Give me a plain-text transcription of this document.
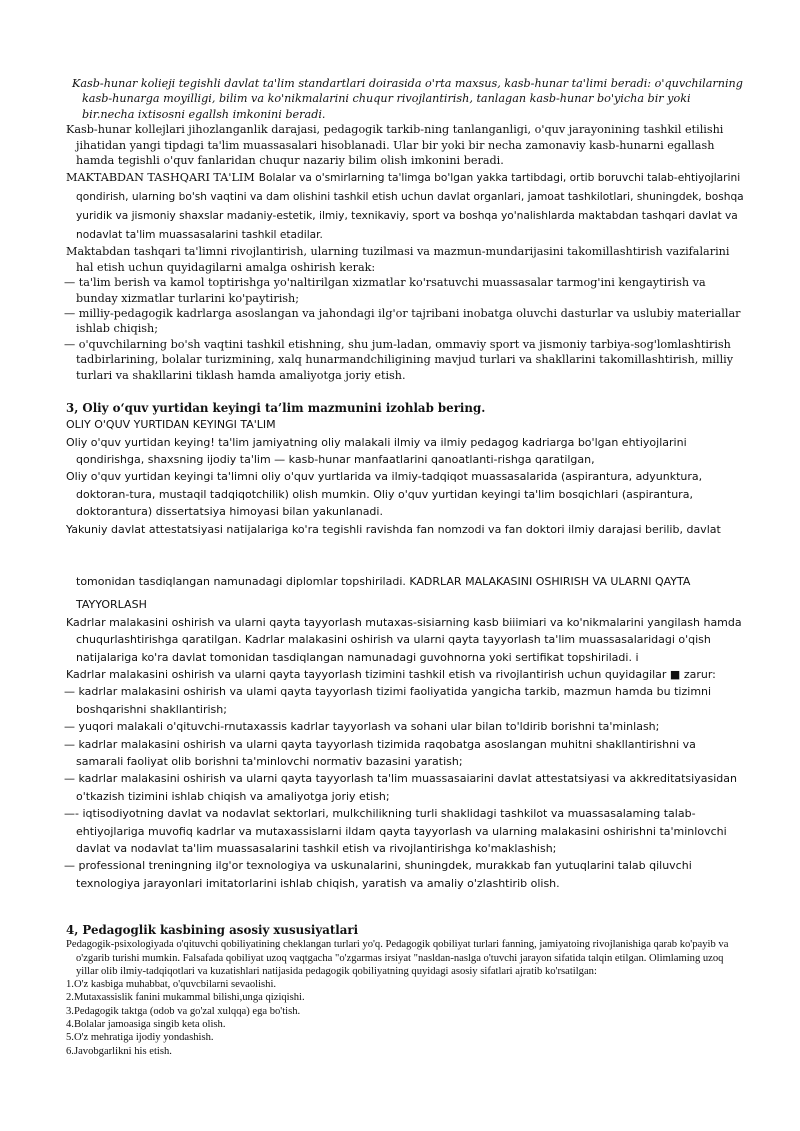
Kasb-hunar kolieji tegishli davlat ta'lim standartlari doirasida o'rta maxsus, kasb-hunar ta'limi beradi: o'quvchilarning kasb-hunarga moyilligi, bilim va ko'nikmalarini chuqur rivojlantirish, tanlagan kasb-hunar bo'yicha bir yoki bir.necha ixtisosni egallsh imkonini beradi.

Kasb-hunar kollejlari jihozlanganlik darajasi, pedagogik tarkib-ning tanlanganligi, o'quv jarayonining tashkil etilishi jihatidan yangi tipdagi ta'lim muassasalari hisoblanadi. Ular bir yoki bir necha zamonaviy kasb-hunarni egallash hamda tegishli o'quv fanlaridan chuqur nazariy bilim olish imkonini beradi.

MAKTABDAN TASHQARI TA'LIM Bolalar va o'smirlarning ta'limga bo'lgan yakka tartibdagi, ortib boruvchi talab-ehtiyojlarini qondirish, ularning bo'sh vaqtini va dam olishini tashkil etish uchun davlat organlari, jamoat tashkilotlari, shuningdek, boshqa yuridik va jismoniy shaxslar madaniy-estetik, ilmiy, texnikaviy, sport va boshqa yo'nalishlarda maktabdan tashqari davlat va nodavlat ta'lim muassasalarini tashkil etadilar.

Maktabdan tashqari ta'limni rivojlantirish, ularning tuzilmasi va mazmun-mundarijasini takomillashtirish vazifalarini hal etish uchun quyidagilarni amalga oshirish kerak:

— ta'lim berish va kamol toptirishga yo'naltirilgan xizmatlar ko'rsatuvchi muassasalar tarmog'ini kengaytirish va bunday xizmatlar turlarini ko'paytirish;

— milliy-pedagogik kadrlarga asoslangan va jahondagi ilg'or tajribani inobatga oluvchi dasturlar va uslubiy materiallar ishlab chiqish;

— o'quvchilarning bo'sh vaqtini tashkil etishning, shu jum-ladan, ommaviy sport va jismoniy tarbiya-sog'lomlashtirish tadbirlarining, bolalar turizmining, xalq hunarmandchiligining mavjud turlari va shakllarini takomillashtirish, milliy turlari va shakllarini tiklash hamda amaliyotga joriy etish.

3, Oliy o‘quv yurtidan keyingi ta’lim mazmunini izohlab bering.

OLIY O'QUV YURTIDAN KEYINGI TA'LIM

Oliy o'quv yurtidan keying! ta'lim jamiyatning oliy malakali ilmiy va ilmiy pedagog kadriarga bo'lgan ehtiyojlarini qondirishga, shaxsning ijodiy ta'lim — kasb-hunar manfaatlarini qanoatlanti-rishga qaratilgan,

Oliy o'quv yurtidan keyingi ta'limni oliy o'quv yurtlarida va ilmiy-tadqiqot muassasalarida (aspirantura, adyunktura, doktoran-tura, mustaqil tadqiqotchilik) olish mumkin. Oliy o'quv yurtidan keyingi ta'lim bosqichlari (aspirantura, doktorantura) dissertatsiya himoyasi bilan yakunlanadi.

Yakuniy davlat attestatsiyasi natijalariga ko'ra tegishli ravishda fan nomzodi va fan doktori ilmiy darajasi berilib, davlat

tomonidan tasdiqlangan namunadagi diplomlar topshiriladi. KADRLAR MALAKASINI OSHIRISH VA ULARNI QAYTA

TAYYORLASH

Kadrlar malakasini oshirish va ularni qayta tayyorlash mutaxas-sisiarning kasb biiimiari va ko'nikmalarini yangilash hamda chuqurlashtirishga qaratilgan. Kadrlar malakasini oshirish va ularni qayta tayyorlash ta'lim muassasalaridagi o'qish natijalariga ko'ra davlat tomonidan tasdiqlangan namunadagi guvohnorna yoki sertifikat topshiriladi. i

Kadrlar malakasini oshirish va ularni qayta tayyorlash tizimini tashkil etish va rivojlantirish uchun quyidagilar ■ zarur:

— kadrlar malakasini oshirish va ulami qayta tayyorlash tizimi faoliyatida yangicha tarkib, mazmun hamda bu tizimni boshqarishni shakllantirish;

— yuqori malakali o'qituvchi-rnutaxassis kadrlar tayyorlash va sohani ular bilan to'ldirib borishni ta'minlash;

— kadrlar malakasini oshirish va ularni qayta tayyorlash tizimida raqobatga asoslangan muhitni shakllantirishni va samarali faoliyat olib borishni ta'minlovchi normativ bazasini yaratish;

— kadrlar malakasini oshirish va ularni qayta tayyorlash ta'lim muassasaiarini davlat attestatsiyasi va akkreditatsiyasidan o'tkazish tizimini ishlab chiqish va amaliyotga joriy etish;

—- iqtisodiyotning davlat va nodavlat sektorlari, mulkchilikning turli shaklidagi tashkilot va muassasalaming talab-ehtiyojlariga muvofiq kadrlar va mutaxassislarni ildam qayta tayyorlash va ularning malakasini oshirishni ta'minlovchi davlat va nodavlat ta'lim muassasalarini tashkil etish va rivojlantirishga ko'maklashish;

— professional treningning ilg'or texnologiya va uskunalarini, shuningdek, murakkab fan yutuqlarini talab qiluvchi texnologiya jarayonlari imitatorlarini ishlab chiqish, yaratish va amaliy o'zlashtirib olish.

4, Pedagoglik kasbining asosiy xususiyatlari

Pedagogik-psixologiyada o'qituvchi qobiliyatining cheklangan turlari yo'q. Pedagogik qobiliyat turlari fanning, jamiyatoing rivojlanishiga qarab ko'payib va o'zgarib turishi mumkin. Falsafada qobiliyat uzoq vaqtgacha "o'zgarmas irsiyat "nasldan-naslga o'tuvchi jarayon sifatida talqin etilgan. Olimlaming uzoq yillar olib ilmiy-tadqiqotlari va kuzatishlari natijasida pedagogik qobiliyatning quyidagi asosiy sifatlari ajratib ko'rsatilgan:

1.O'z kasbiga muhabbat, o'quvcbilarni sevaolishi.

2.Mutaxassislik fanini mukammal bilishi,unga qiziqishi.

3.Pedagogik taktga (odob va go'zal xulqqa) ega bo'tish.

4.Bolalar jamoasiga singib keta olish.

5.O'z mehratiga ijodiy yondashish.

6.Javobgarlikni his etish.
